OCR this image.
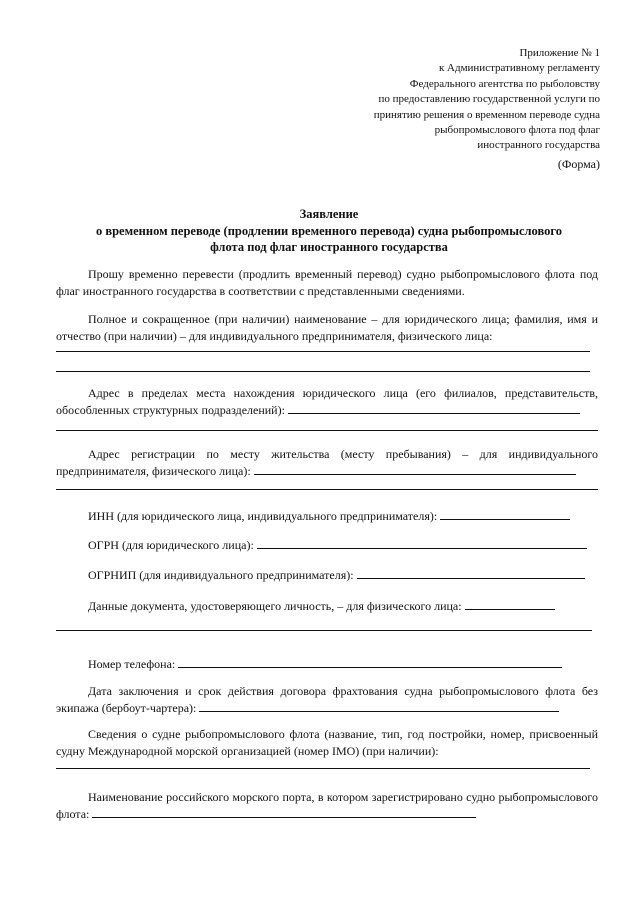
Приложение № 1
к Административному регламенту
Федерального агентства по рыболовству
по предоставлению государственной услуги по
принятию решения о временном переводе судна
рыбопромыслового флота под флаг
иностранного государства
(Форма)
Заявление
о временном переводе (продлении временного перевода) судна рыбопромыслового
флота под флаг иностранного государства
Прошу временно перевести (продлить временный перевод) судно рыбопромыслового флота под флаг иностранного государства в соответствии с представленными сведениями.
Полное и сокращенное (при наличии) наименование – для юридического лица; фамилия, имя и отчество (при наличии) – для индивидуального предпринимателя, физического лица:
Адрес в пределах места нахождения юридического лица (его филиалов, представительств, обособленных структурных подразделений):
Адрес регистрации по месту жительства (месту пребывания) – для индивидуального предпринимателя, физического лица):
ИНН (для юридического лица, индивидуального предпринимателя):
ОГРН (для юридического лица):
ОГРНИП (для индивидуального предпринимателя):
Данные документа, удостоверяющего личность, – для физического лица:
Номер телефона:
Дата заключения и срок действия договора фрахтования судна рыбопромыслового флота без экипажа (бербоут-чартера):
Сведения о судне рыбопромыслового флота (название, тип, год постройки, номер, присвоенный судну Международной морской организацией (номер IMO) (при наличии):
Наименование российского морского порта, в котором зарегистрировано судно рыбопромыслового флота:
